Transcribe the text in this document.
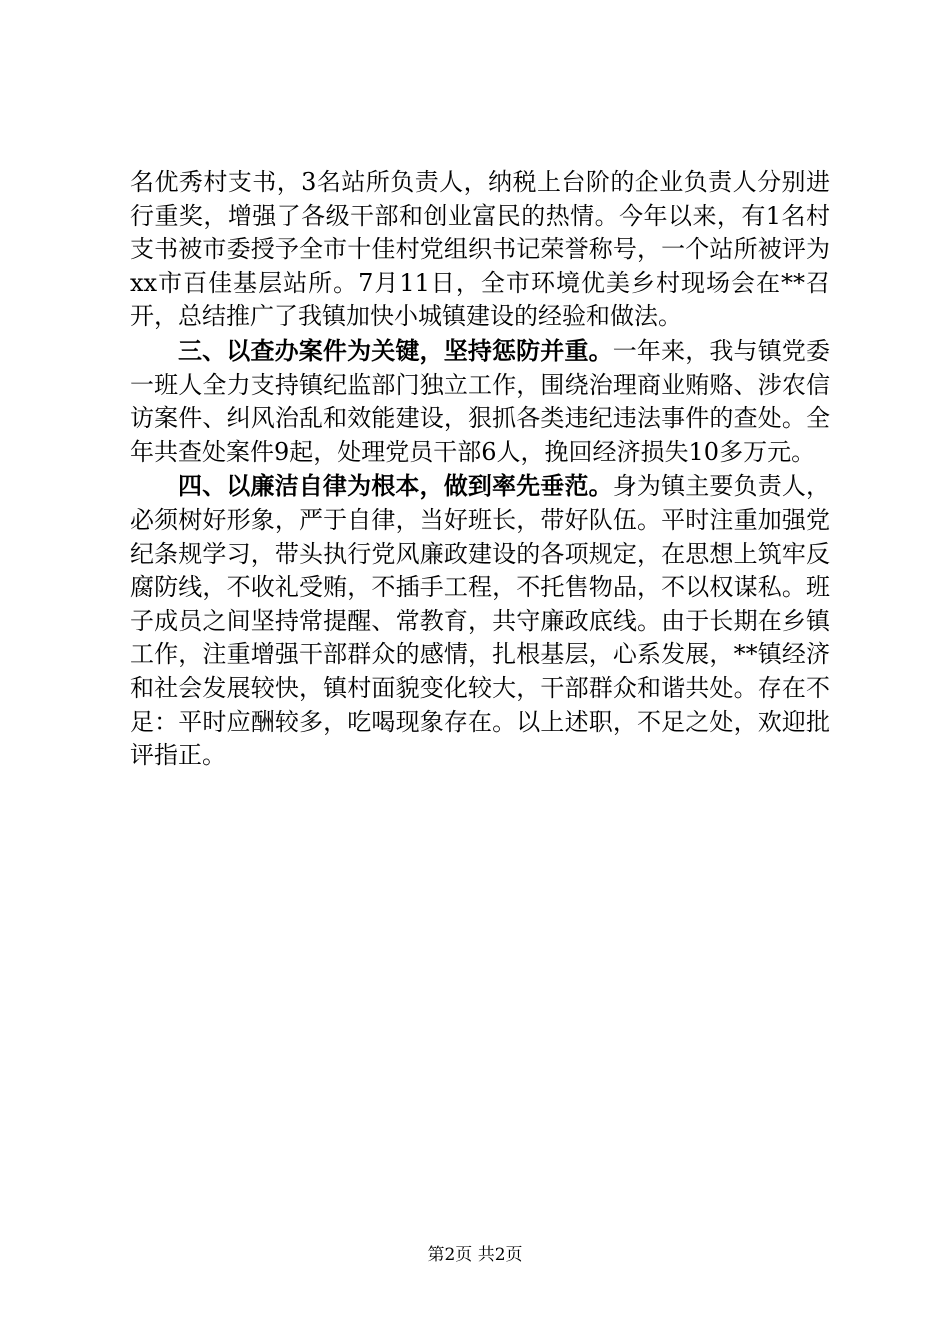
名优秀村支书，3名站所负责人，纳税上台阶的企业负责人分别进行重奖，增强了各级干部和创业富民的热情。今年以来，有1名村支书被市委授予全市十佳村党组织书记荣誉称号，一个站所被评为xx市百佳基层站所。7月11日，全市环境优美乡村现场会在**召开，总结推广了我镇加快小城镇建设的经验和做法。

三、以查办案件为关键，坚持惩防并重。一年来，我与镇党委一班人全力支持镇纪监部门独立工作，围绕治理商业贿赂、涉农信访案件、纠风治乱和效能建设，狠抓各类违纪违法事件的查处。全年共查处案件9起，处理党员干部6人，挽回经济损失10多万元。

四、以廉洁自律为根本，做到率先垂范。身为镇主要负责人，必须树好形象，严于自律，当好班长，带好队伍。平时注重加强党纪条规学习，带头执行党风廉政建设的各项规定，在思想上筑牢反腐防线，不收礼受贿，不插手工程，不托售物品，不以权谋私。班子成员之间坚持常提醒、常教育，共守廉政底线。由于长期在乡镇工作，注重增强干部群众的感情，扎根基层，心系发展，**镇经济和社会发展较快，镇村面貌变化较大，干部群众和谐共处。存在不足：平时应酬较多，吃喝现象存在。以上述职，不足之处，欢迎批评指正。

第2页 共2页
